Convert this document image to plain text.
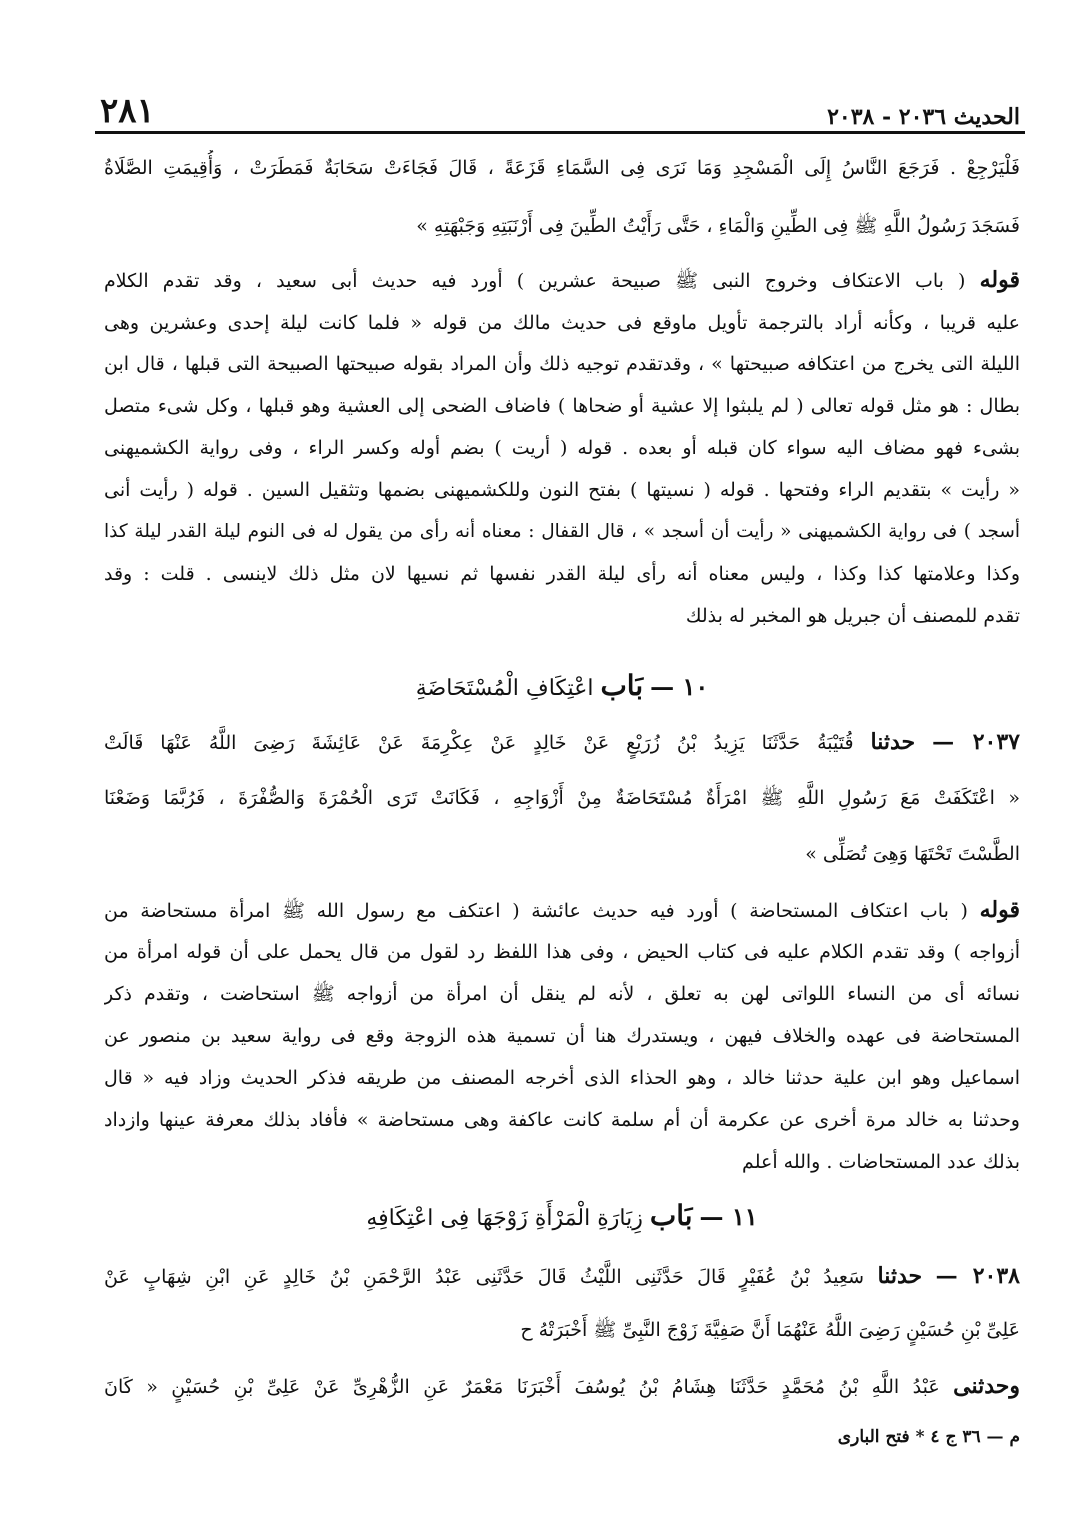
الحديث ٢٠٣٦ - ٢٠٣٨
٢٨١
فَلْيَرْجِعْ . فَرَجَعَ النَّاسُ إِلَى الْمَسْجِدِ وَمَا نَرَى فِى السَّمَاءِ قَزَعَةً ، قَالَ فَجَاءَتْ سَحَابَةٌ فَمَطَرَتْ ، وَأُقِيمَتِ الصَّلَاةُ
فَسَجَدَ رَسُولُ اللَّهِ ﷺ فِى الطِّينِ وَالْمَاءِ ، حَتَّى رَأَيْتُ الطِّينَ فِى أَرْنَبَتِهِ وَجَبْهَتِهِ »
قوله ( باب الاعتكاف وخروج النبى ﷺ صبيحة عشرين ) أورد فيه حديث أبى سعيد ، وقد تقدم الكلام
عليه قريبا ، وكأنه أراد بالترجمة تأويل ماوقع فى حديث مالك من قوله « فلما كانت ليلة إحدى وعشرين وهى
الليلة التى يخرج من اعتكافه صبيحتها » ، وقدتقدم توجيه ذلك وأن المراد بقوله صبيحتها الصبيحة التى قبلها ، قال ابن
بطال : هو مثل قوله تعالى ( لم يلبثوا إلا عشية أو ضحاها ) فاضاف الضحى إلى العشية وهو قبلها ، وكل شىء متصل
بشىء فهو مضاف اليه سواء كان قبله أو بعده . قوله ( أريت ) بضم أوله وكسر الراء ، وفى رواية الكشميهنى
« رأيت » بتقديم الراء وفتحها . قوله ( نسيتها ) بفتح النون وللكشميهنى بضمها وتثقيل السين . قوله ( رأيت أنى
أسجد ) فى رواية الكشميهنى « رأيت أن أسجد » ، قال القفال : معناه أنه رأى من يقول له فى النوم ليلة القدر ليلة كذا
وكذا وعلامتها كذا وكذا ، وليس معناه أنه رأى ليلة القدر نفسها ثم نسيها لان مثل ذلك لاينسى . قلت : وقد
تقدم للمصنف أن جبريل هو المخبر له بذلك
١٠ — بَاب اعْتِكَافِ الْمُسْتَحَاضَةِ
٢٠٣٧ — حدثنا قُتَيْبَةُ حَدَّثَنَا يَزِيدُ بْنُ زُرَيْعٍ عَنْ خَالِدٍ عَنْ عِكْرِمَةَ عَنْ عَائِشَةَ رَضِىَ اللَّهُ عَنْهَا قَالَتْ
« اعْتَكَفَتْ مَعَ رَسُولِ اللَّهِ ﷺ امْرَأَةٌ مُسْتَحَاضَةٌ مِنْ أَزْوَاجِهِ ، فَكَانَتْ تَرَى الْحُمْرَةَ وَالصُّفْرَةَ ، فَرُبَّمَا وَضَعْنَا
الطَّسْتَ تَحْتَهَا وَهِىَ تُصَلِّى »
قوله ( باب اعتكاف المستحاضة ) أورد فيه حديث عائشة ( اعتكف مع رسول الله ﷺ امرأة مستحاضة من
أزواجه ) وقد تقدم الكلام عليه فى كتاب الحيض ، وفى هذا اللفظ رد لقول من قال يحمل على أن قوله امرأة من
نسائه أى من النساء اللواتى لهن به تعلق ، لأنه لم ينقل أن امرأة من أزواجه ﷺ استحاضت ، وتقدم ذكر
المستحاضة فى عهده والخلاف فيهن ، ويستدرك هنا أن تسمية هذه الزوجة وقع فى رواية سعيد بن منصور عن
اسماعيل وهو ابن علية حدثنا خالد ، وهو الحذاء الذى أخرجه المصنف من طريقه فذكر الحديث وزاد فيه « قال
وحدثنا به خالد مرة أخرى عن عكرمة أن أم سلمة كانت عاكفة وهى مستحاضة » فأفاد بذلك معرفة عينها وازداد
بذلك عدد المستحاضات . والله أعلم
١١ — بَاب زِيَارَةِ الْمَرْأَةِ زَوْجَهَا فِى اعْتِكَافِهِ
٢٠٣٨ — حدثنا سَعِيدُ بْنُ عُفَيْرٍ قَالَ حَدَّثَنِى اللَّيْثُ قَالَ حَدَّثَنِى عَبْدُ الرَّحْمَنِ بْنُ خَالِدٍ عَنِ ابْنِ شِهَابٍ عَنْ
عَلِىِّ بْنِ حُسَيْنٍ رَضِىَ اللَّهُ عَنْهُمَا أَنَّ صَفِيَّةَ زَوْجَ النَّبِىِّ ﷺ أَخْبَرَتْهُ ح
وحدثنى عَبْدُ اللَّهِ بْنُ مُحَمَّدٍ حَدَّثَنَا هِشَامُ بْنُ يُوسُفَ أَخْبَرَنَا مَعْمَرٌ عَنِ الزُّهْرِىِّ عَنْ عَلِىِّ بْنِ حُسَيْنٍ « كَانَ
م — ٣٦ ج ٤ * فتح البارى
